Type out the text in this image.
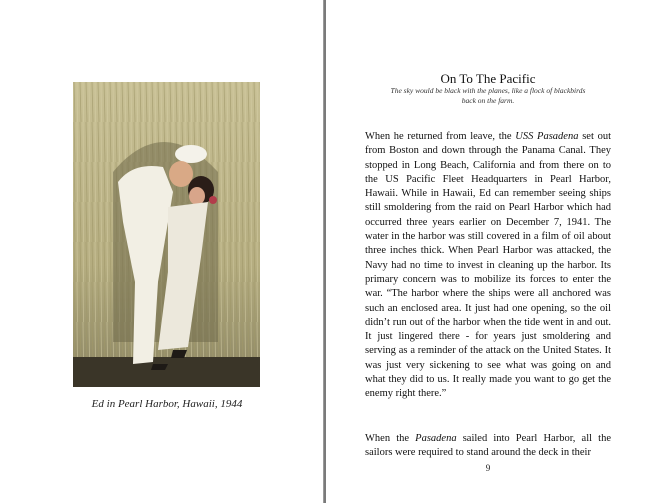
Ed in Pearl Harbor, Hawaii, 1944
On To The Pacific
The sky would be black with the planes, like a flock of blackbirds back on the farm.

When he returned from leave, the USS Pasadena set out from Boston and down through the Panama Canal. They stopped in Long Beach, California and from there on to the US Pacific Fleet Headquarters in Pearl Harbor, Hawaii. While in Hawaii, Ed can remember seeing ships still smoldering from the raid on Pearl Harbor which had occurred three years earlier on December 7, 1941. The water in the harbor was still covered in a film of oil about three inches thick. When Pearl Harbor was attacked, the Navy had no time to invest in cleaning up the harbor. Its primary concern was to mobilize its forces to enter the war. “The harbor where the ships were all anchored was such an enclosed area. It just had one opening, so the oil didn’t run out of the harbor when the tide went in and out. It just lingered there - for years just smoldering and serving as a reminder of the attack on the United States. It was just very sickening to see what was going on and what they did to us. It really made you want to go get the enemy right there.”

When the Pasadena sailed into Pearl Harbor, all the sailors were required to stand around the deck in their

9
